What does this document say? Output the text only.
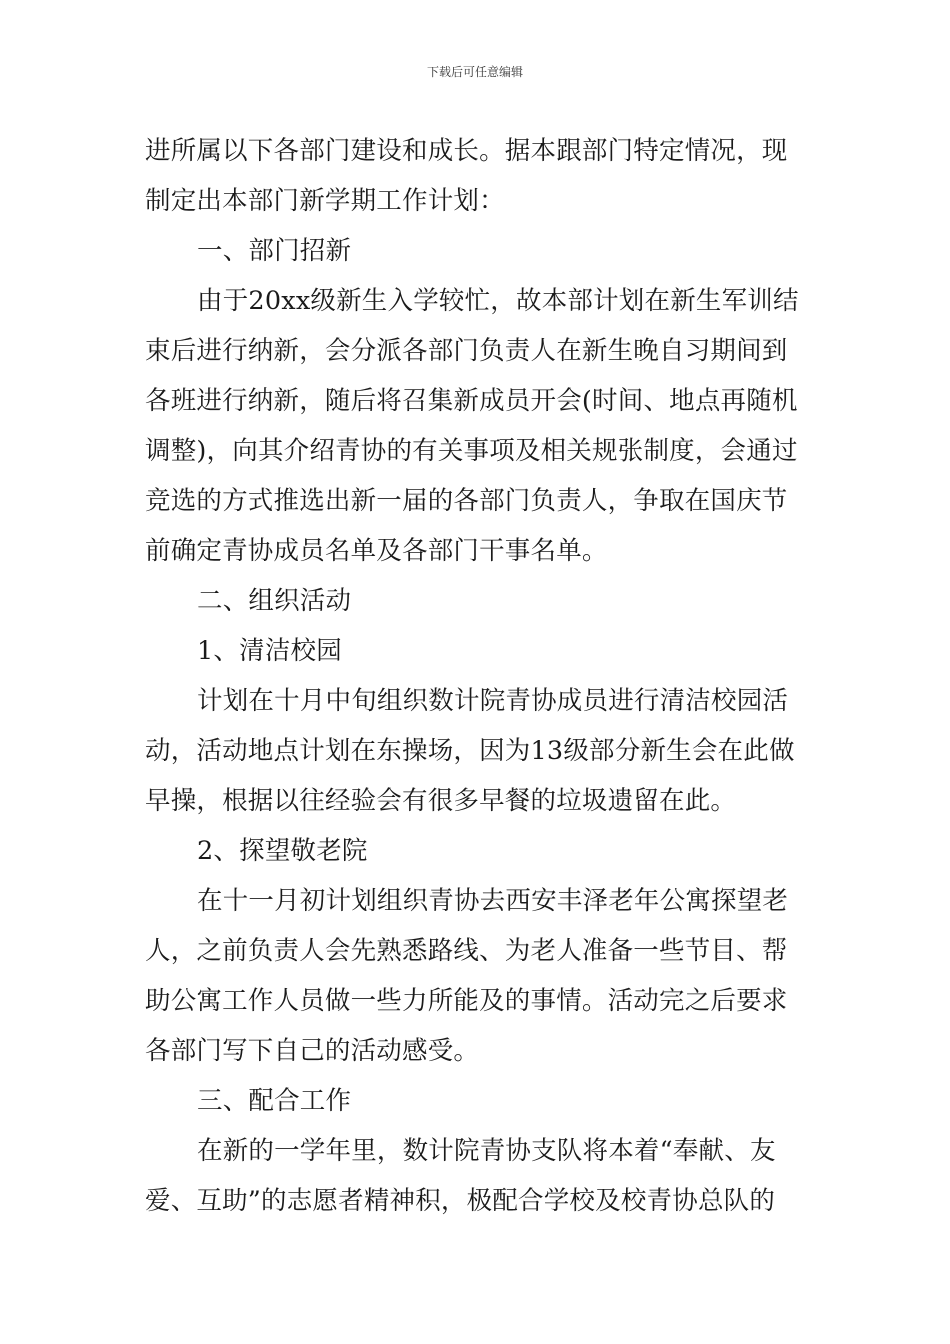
下载后可任意编辑
进所属以下各部门建设和成长。据本跟部门特定情况，现
制定出本部门新学期工作计划：
一、部门招新
由于20xx级新生入学较忙，故本部计划在新生军训结
束后进行纳新，会分派各部门负责人在新生晚自习期间到
各班进行纳新，随后将召集新成员开会(时间、地点再随机
调整)，向其介绍青协的有关事项及相关规张制度，会通过
竞选的方式推选出新一届的各部门负责人，争取在国庆节
前确定青协成员名单及各部门干事名单。
二、组织活动
1、清洁校园
计划在十月中旬组织数计院青协成员进行清洁校园活
动，活动地点计划在东操场，因为13级部分新生会在此做
早操，根据以往经验会有很多早餐的垃圾遗留在此。
2、探望敬老院
在十一月初计划组织青协去西安丰泽老年公寓探望老
人，之前负责人会先熟悉路线、为老人准备一些节目、帮
助公寓工作人员做一些力所能及的事情。活动完之后要求
各部门写下自己的活动感受。
三、配合工作
在新的一学年里，数计院青协支队将本着“奉献、友
爱、互助”的志愿者精神积，极配合学校及校青协总队的
